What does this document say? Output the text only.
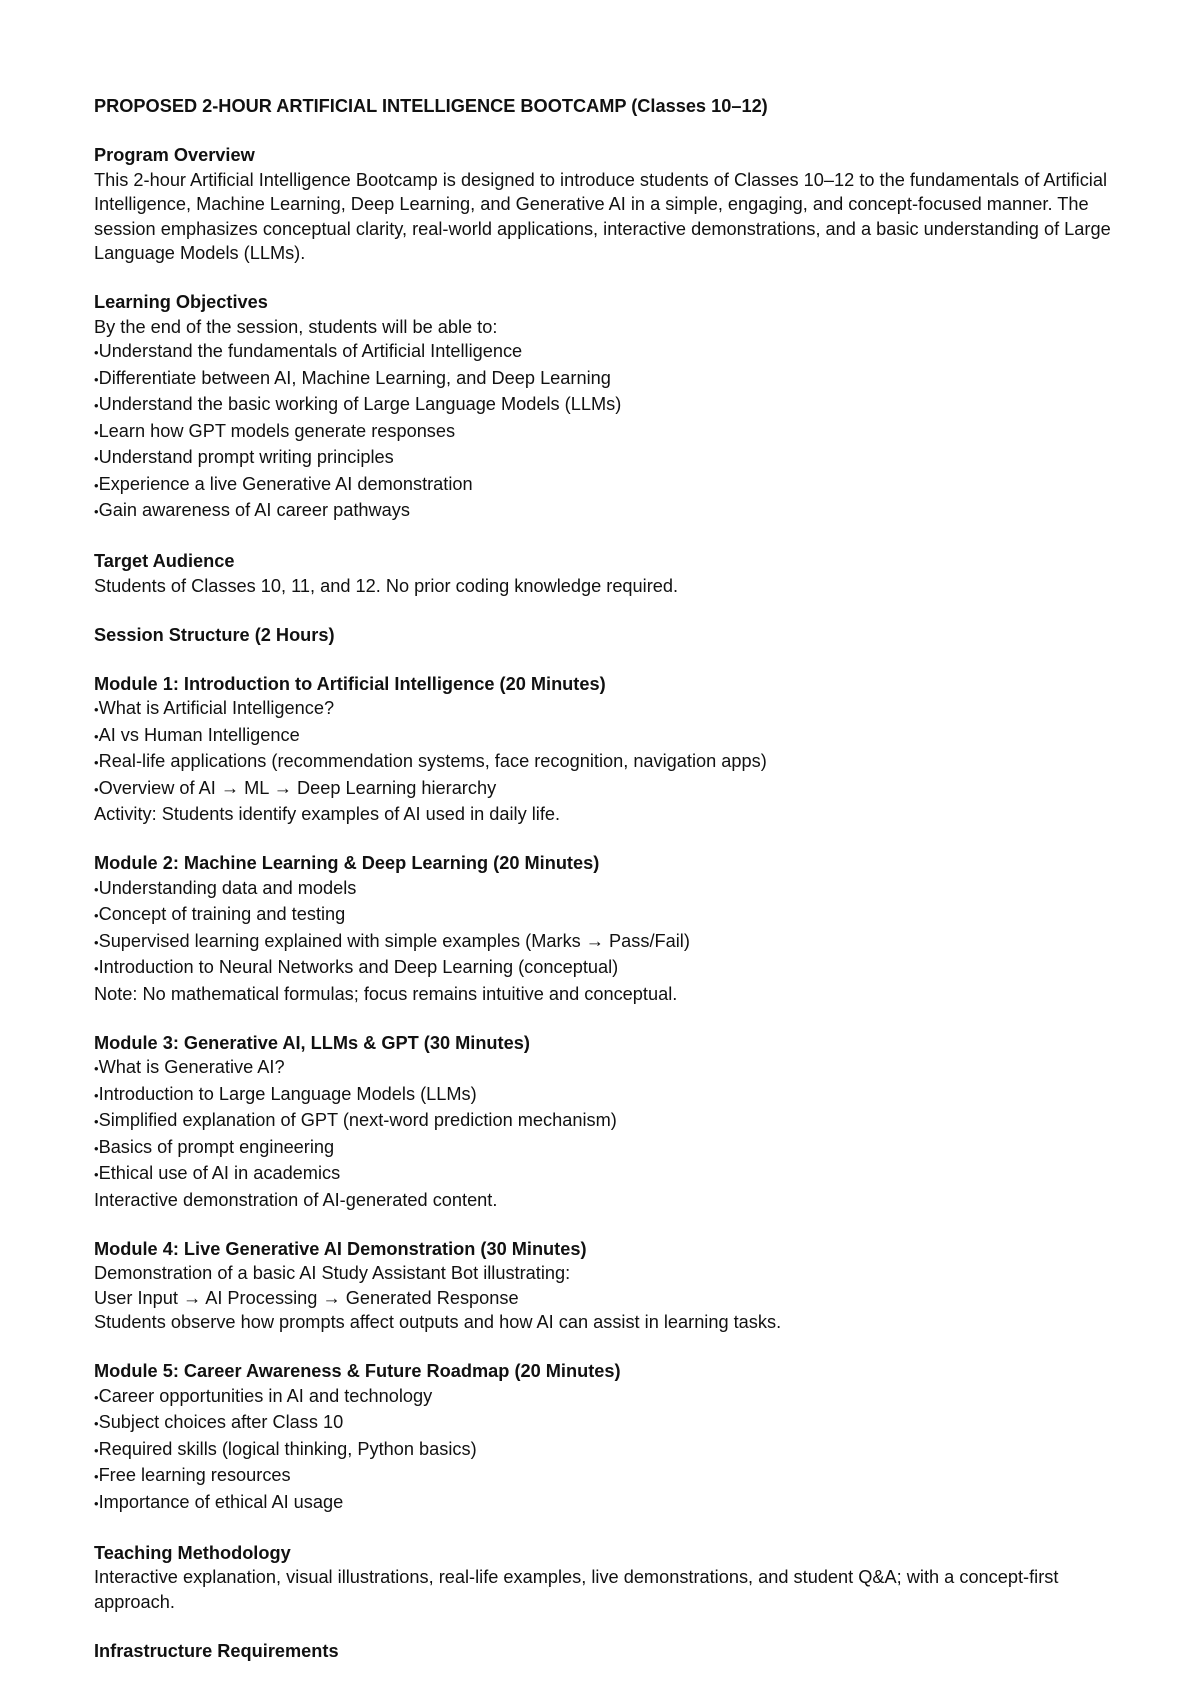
PROPOSED 2-HOUR ARTIFICIAL INTELLIGENCE BOOTCAMP (Classes 10–12)
Program Overview
This 2-hour Artificial Intelligence Bootcamp is designed to introduce students of Classes 10–12 to the fundamentals of Artificial Intelligence, Machine Learning, Deep Learning, and Generative AI in a simple, engaging, and concept-focused manner. The session emphasizes conceptual clarity, real-world applications, interactive demonstrations, and a basic understanding of Large Language Models (LLMs).
Learning Objectives
By the end of the session, students will be able to:
• Understand the fundamentals of Artificial Intelligence
• Differentiate between AI, Machine Learning, and Deep Learning
• Understand the basic working of Large Language Models (LLMs)
• Learn how GPT models generate responses
• Understand prompt writing principles
• Experience a live Generative AI demonstration
• Gain awareness of AI career pathways
Target Audience
Students of Classes 10, 11, and 12. No prior coding knowledge required.
Session Structure (2 Hours)
Module 1: Introduction to Artificial Intelligence (20 Minutes)
• What is Artificial Intelligence?
• AI vs Human Intelligence
• Real-life applications (recommendation systems, face recognition, navigation apps)
• Overview of AI → ML → Deep Learning hierarchy
Activity: Students identify examples of AI used in daily life.
Module 2: Machine Learning & Deep Learning (20 Minutes)
• Understanding data and models
• Concept of training and testing
• Supervised learning explained with simple examples (Marks → Pass/Fail)
• Introduction to Neural Networks and Deep Learning (conceptual)
Note: No mathematical formulas; focus remains intuitive and conceptual.
Module 3: Generative AI, LLMs & GPT (30 Minutes)
• What is Generative AI?
• Introduction to Large Language Models (LLMs)
• Simplified explanation of GPT (next-word prediction mechanism)
• Basics of prompt engineering
• Ethical use of AI in academics
Interactive demonstration of AI-generated content.
Module 4: Live Generative AI Demonstration (30 Minutes)
Demonstration of a basic AI Study Assistant Bot illustrating:
User Input → AI Processing → Generated Response
Students observe how prompts affect outputs and how AI can assist in learning tasks.
Module 5: Career Awareness & Future Roadmap (20 Minutes)
• Career opportunities in AI and technology
• Subject choices after Class 10
• Required skills (logical thinking, Python basics)
• Free learning resources
• Importance of ethical AI usage
Teaching Methodology
Interactive explanation, visual illustrations, real-life examples, live demonstrations, and student Q&A; with a concept-first approach.
Infrastructure Requirements
